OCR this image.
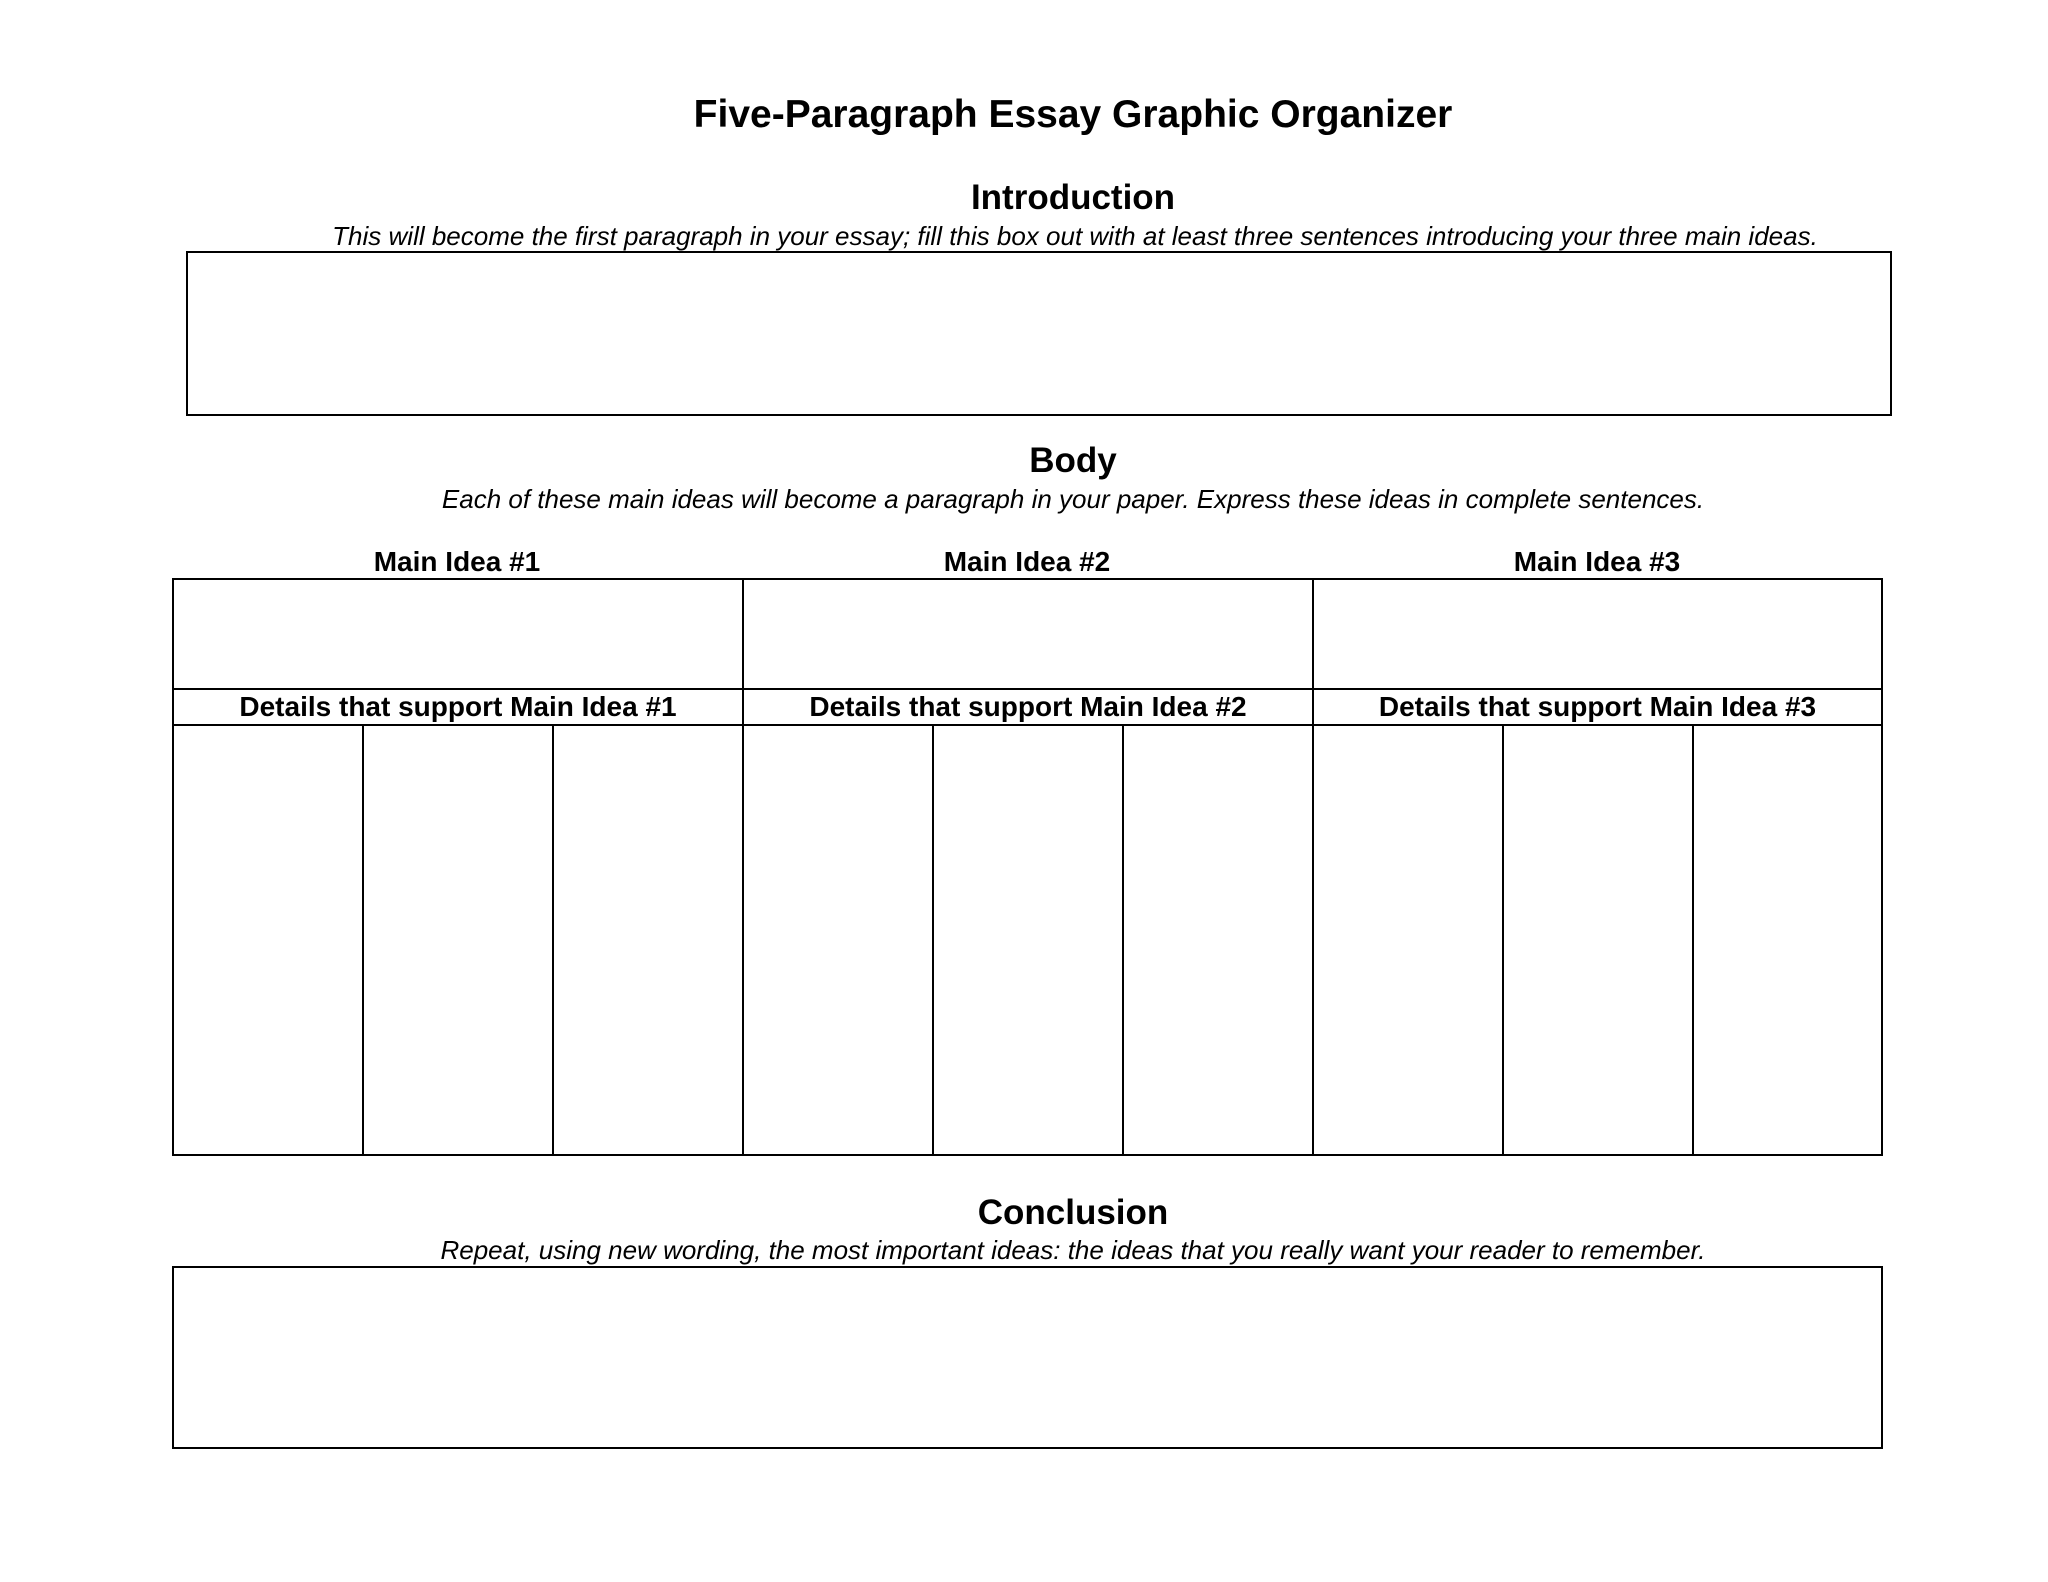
Five-Paragraph Essay Graphic Organizer
Introduction
This will become the first paragraph in your essay; fill this box out with at least three sentences introducing your three main ideas.
Body
Each of these main ideas will become a paragraph in your paper. Express these ideas in complete sentences.
Main Idea #1	Main Idea #2	Main Idea #3
Details that support Main Idea #1	Details that support Main Idea #2	Details that support Main Idea #3
Conclusion
Repeat, using new wording, the most important ideas: the ideas that you really want your reader to remember.
